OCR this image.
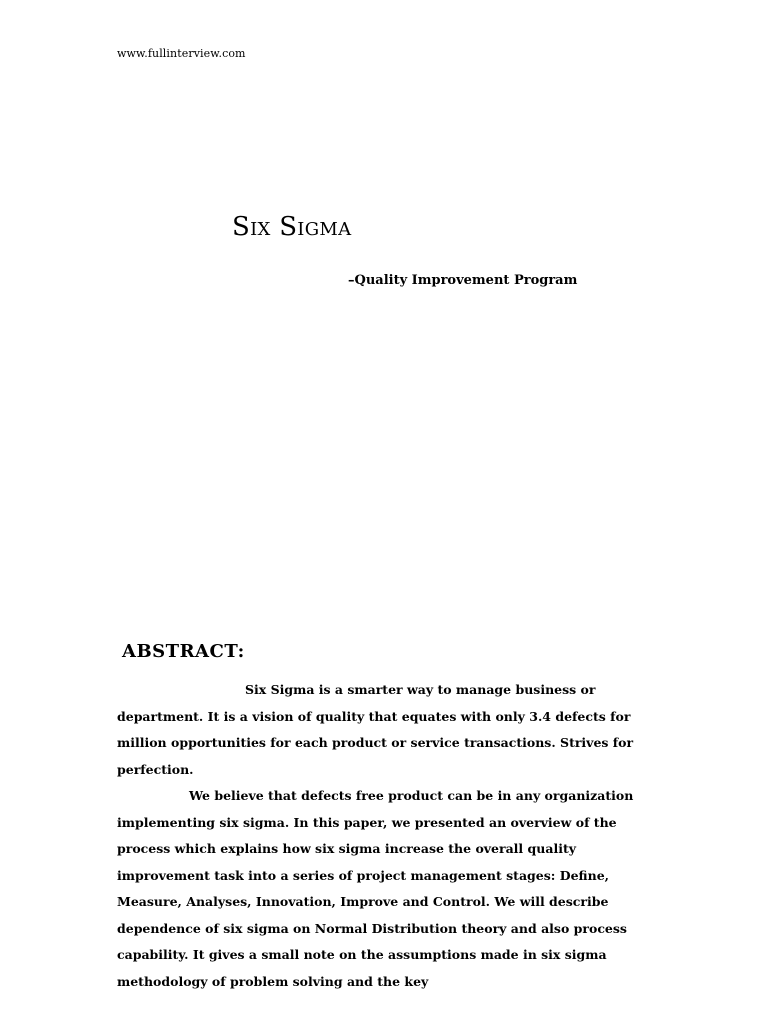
www.fullinterview.com
Six Sigma
–Quality Improvement Program
ABSTRACT:

Six Sigma is a smarter way to manage business or department. It is a vision of quality that equates with only 3.4 defects for million opportunities for each product or service transactions. Strives for perfection.

We believe that defects free product can be in any organization implementing six sigma. In this paper, we presented an overview of the process which explains how six sigma increase the overall quality improvement task into a series of project management stages: Define, Measure, Analyses, Innovation, Improve and Control. We will describe dependence of six sigma on Normal Distribution theory and also process capability. It gives a small note on the assumptions made in six sigma methodology of problem solving and the key
